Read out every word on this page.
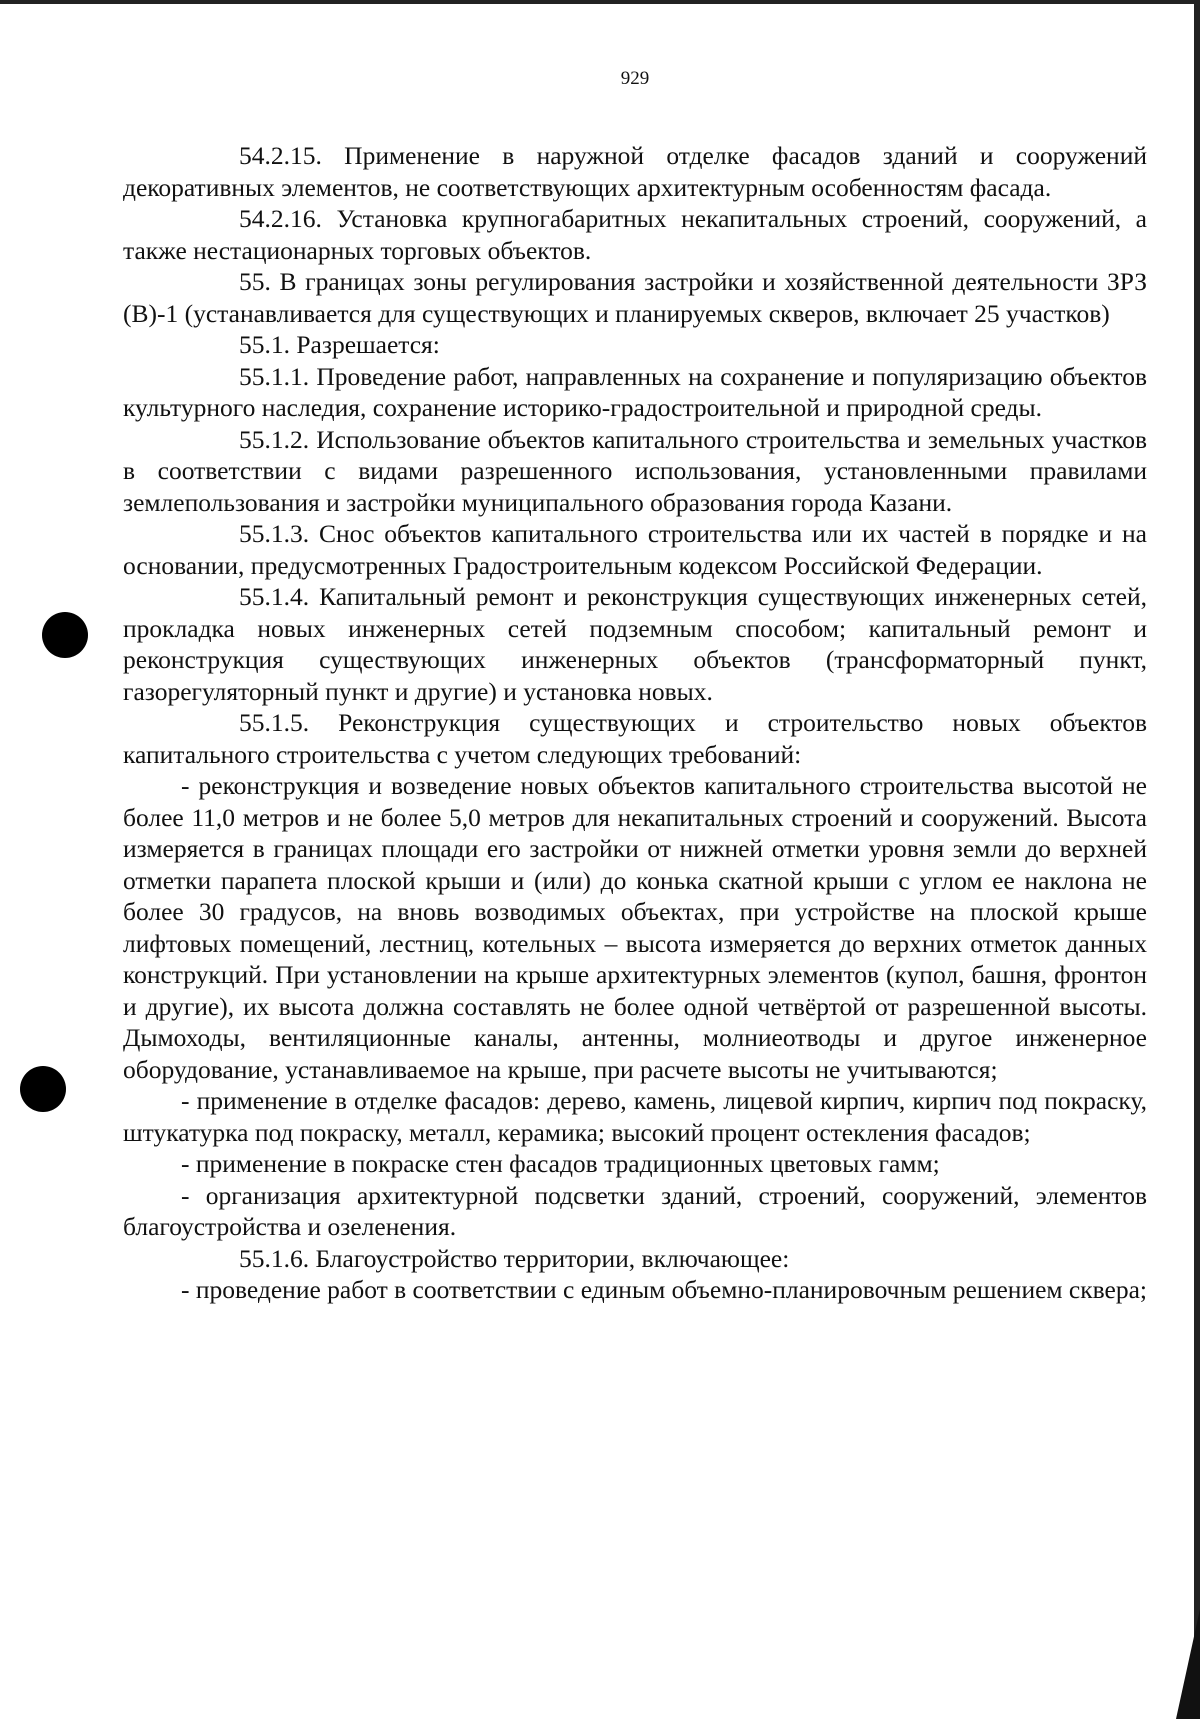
929

54.2.15. Применение в наружной отделке фасадов зданий и сооружений декоративных элементов, не соответствующих архитектурным особенностям фасада.

54.2.16. Установка крупногабаритных некапитальных строений, сооружений, а также нестационарных торговых объектов.

55. В границах зоны регулирования застройки и хозяйственной деятельности ЗРЗ (В)-1 (устанавливается для существующих и планируемых скверов, включает 25 участков)

55.1. Разрешается:

55.1.1. Проведение работ, направленных на сохранение и популяризацию объектов культурного наследия, сохранение историко-градостроительной и природной среды.

55.1.2. Использование объектов капитального строительства и земельных участков в соответствии с видами разрешенного использования, установленными правилами землепользования и застройки муниципального образования города Казани.

55.1.3. Снос объектов капитального строительства или их частей в порядке и на основании, предусмотренных Градостроительным кодексом Российской Федерации.

55.1.4. Капитальный ремонт и реконструкция существующих инженерных сетей, прокладка новых инженерных сетей подземным способом; капитальный ремонт и реконструкция существующих инженерных объектов (трансформаторный пункт, газорегуляторный пункт и другие) и установка новых.

55.1.5. Реконструкция существующих и строительство новых объектов капитального строительства с учетом следующих требований:

- реконструкция и возведение новых объектов капитального строительства высотой не более 11,0 метров и не более 5,0 метров для некапитальных строений и сооружений. Высота измеряется в границах площади его застройки от нижней отметки уровня земли до верхней отметки парапета плоской крыши и (или) до конька скатной крыши с углом ее наклона не более 30 градусов, на вновь возводимых объектах, при устройстве на плоской крыше лифтовых помещений, лестниц, котельных – высота измеряется до верхних отметок данных конструкций. При установлении на крыше архитектурных элементов (купол, башня, фронтон и другие), их высота должна составлять не более одной четвёртой от разрешенной высоты. Дымоходы, вентиляционные каналы, антенны, молниеотводы и другое инженерное оборудование, устанавливаемое на крыше, при расчете высоты не учитываются;

- применение в отделке фасадов: дерево, камень, лицевой кирпич, кирпич под покраску, штукатурка под покраску, металл, керамика; высокий процент остекления фасадов;

- применение в покраске стен фасадов традиционных цветовых гамм;

- организация архитектурной подсветки зданий, строений, сооружений, элементов благоустройства и озеленения.

55.1.6. Благоустройство территории, включающее:

- проведение работ в соответствии с единым объемно-планировочным решением сквера;
